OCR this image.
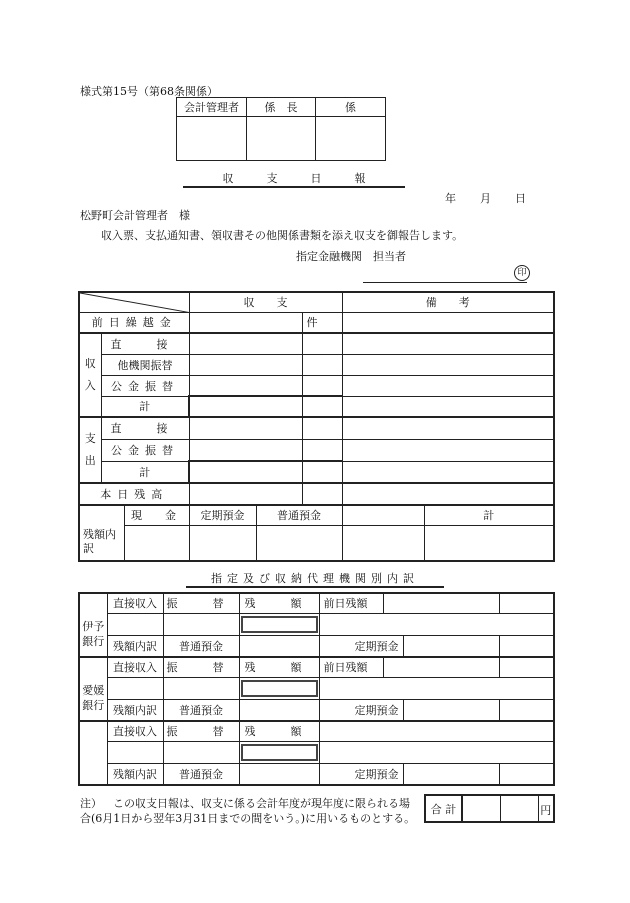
様式第15号（第68条関係）
会計管理者	係　長	係

収　　　支　　　日　　　報
年 月 日
松野町会計管理者　様
収入票、支払通知書、領収書その他関係書類を添え収支を御報告します。
指定金融機関　担当者
印
	収　　支			備　　考	
前日繰越金					件		
収入	直　接						
	他機関振替						
	公金振替						
	計						
支出	直　接						
	公金振替						
	計						
本日残高							
残額内訳		現　金	定期預金	普通預金			計

指定及び収納代理機関別内訳
伊予銀行	直接収入	振　替	残　額	前日残額			

	残額内訳	普通預金		定期預金			
愛媛銀行	直接収入	振　替	残　額	前日残額			

	残額内訳	普通預金		定期預金			
	直接収入	振　替	残　額				

	残額内訳	普通預金		定期預金			
注） この収支日報は、収支に係る会計年度が現年度に限られる場
合(6月1日から翌年3月31日までの間をいう。)に用いるものとする。
合 計			円
